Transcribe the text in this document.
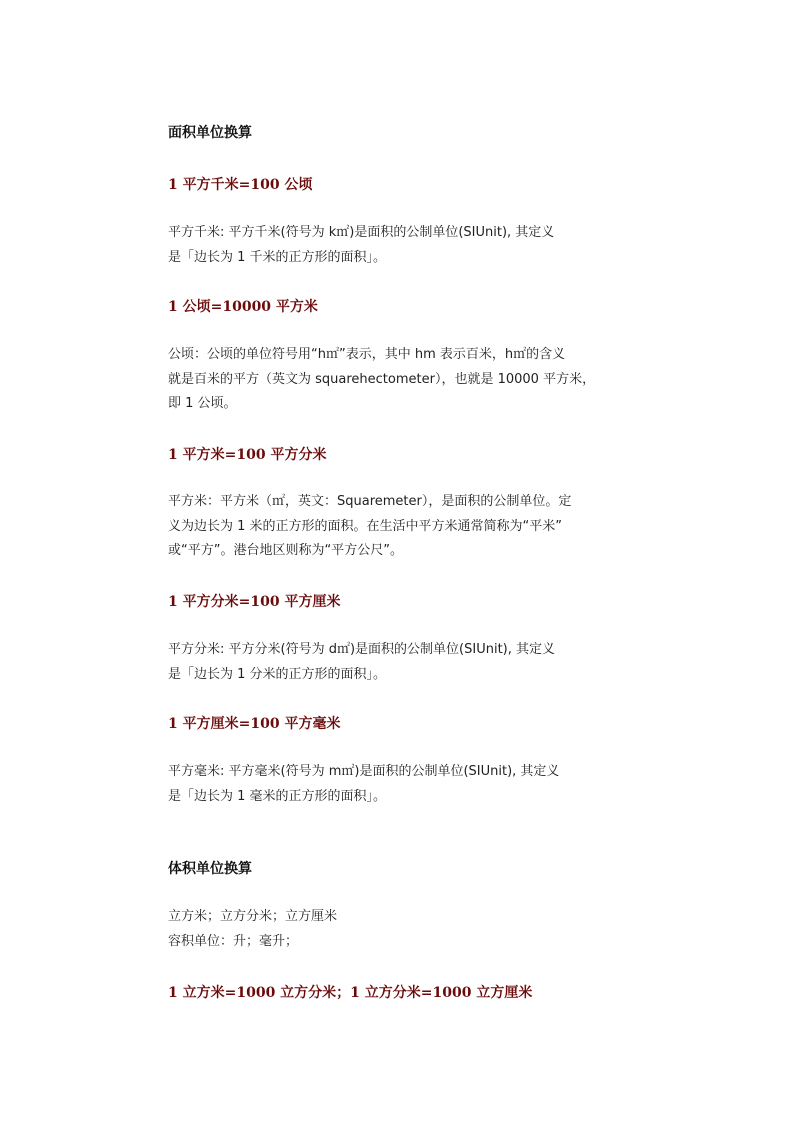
面积单位换算
1 平方千米=100 公顷
平方千米: 平方千米(符号为 k㎡)是面积的公制单位(SIUnit), 其定义
是「边长为 1 千米的正方形的面积」。
1 公顷=10000 平方米
公顷：公顷的单位符号用“h㎡”表示，其中 hm 表示百米，h㎡的含义
就是百米的平方（英文为 squarehectometer），也就是 10000 平方米，
即 1 公顷。
1 平方米=100 平方分米
平方米：平方米（㎡，英文：Squaremeter），是面积的公制单位。定
义为边长为 1 米的正方形的面积。在生活中平方米通常简称为“平米”
或“平方”。港台地区则称为“平方公尺”。
1 平方分米=100 平方厘米
平方分米: 平方分米(符号为 d㎡)是面积的公制单位(SIUnit), 其定义
是「边长为 1 分米的正方形的面积」。
1 平方厘米=100 平方毫米
平方毫米: 平方毫米(符号为 m㎡)是面积的公制单位(SIUnit), 其定义
是「边长为 1 毫米的正方形的面积」。
体积单位换算
立方米；立方分米；立方厘米
容积单位：升；毫升；
1 立方米=1000 立方分米；1 立方分米=1000 立方厘米
